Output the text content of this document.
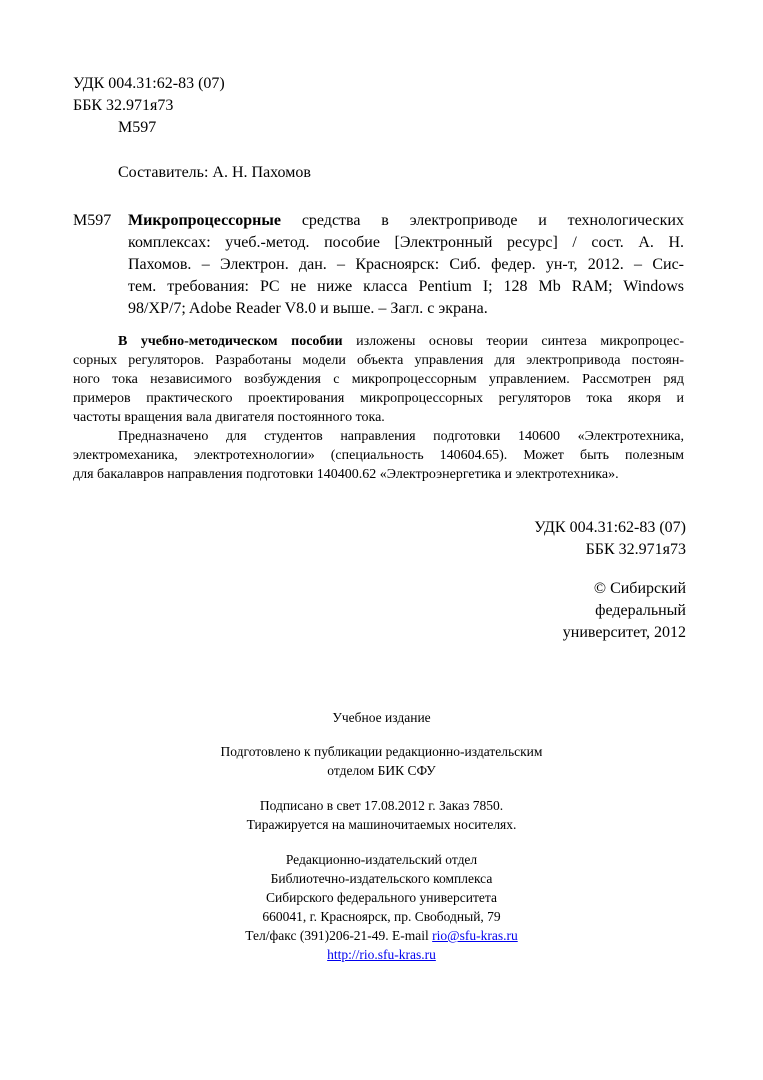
УДК 004.31:62-83 (07)
ББК 32.971я73
М597
Составитель: А. Н. Пахомов
М597 Микропроцессорные средства в электроприводе и технологических
комплексах: учеб.-метод. пособие [Электронный ресурс] / сост. А. Н.
Пахомов. – Электрон. дан. – Красноярск: Сиб. федер. ун-т, 2012. – Сис-
тем. требования: PC не ниже класса Pentium I; 128 Mb RAM; Windows
98/XP/7; Adobe Reader V8.0 и выше. – Загл. с экрана.
В учебно-методическом пособии изложены основы теории синтеза микропроцес-
сорных регуляторов. Разработаны модели объекта управления для электропривода постоян-
ного тока независимого возбуждения с микропроцессорным управлением. Рассмотрен ряд
примеров практического проектирования микропроцессорных регуляторов тока якоря и
частоты вращения вала двигателя постоянного тока.
Предназначено для студентов направления подготовки 140600 «Электротехника,
электромеханика, электротехнологии» (специальность 140604.65). Может быть полезным
для бакалавров направления подготовки 140400.62 «Электроэнергетика и электротехника».
УДК 004.31:62-83 (07)
ББК 32.971я73
© Сибирский
федеральный
университет, 2012
Учебное издание
Подготовлено к публикации редакционно-издательским
отделом БИК СФУ
Подписано в свет 17.08.2012 г. Заказ 7850.
Тиражируется на машиночитаемых носителях.
Редакционно-издательский отдел
Библиотечно-издательского комплекса
Сибирского федерального университета
660041, г. Красноярск, пр. Свободный, 79
Тел/факс (391)206-21-49. E-mail rio@sfu-kras.ru
http://rio.sfu-kras.ru
